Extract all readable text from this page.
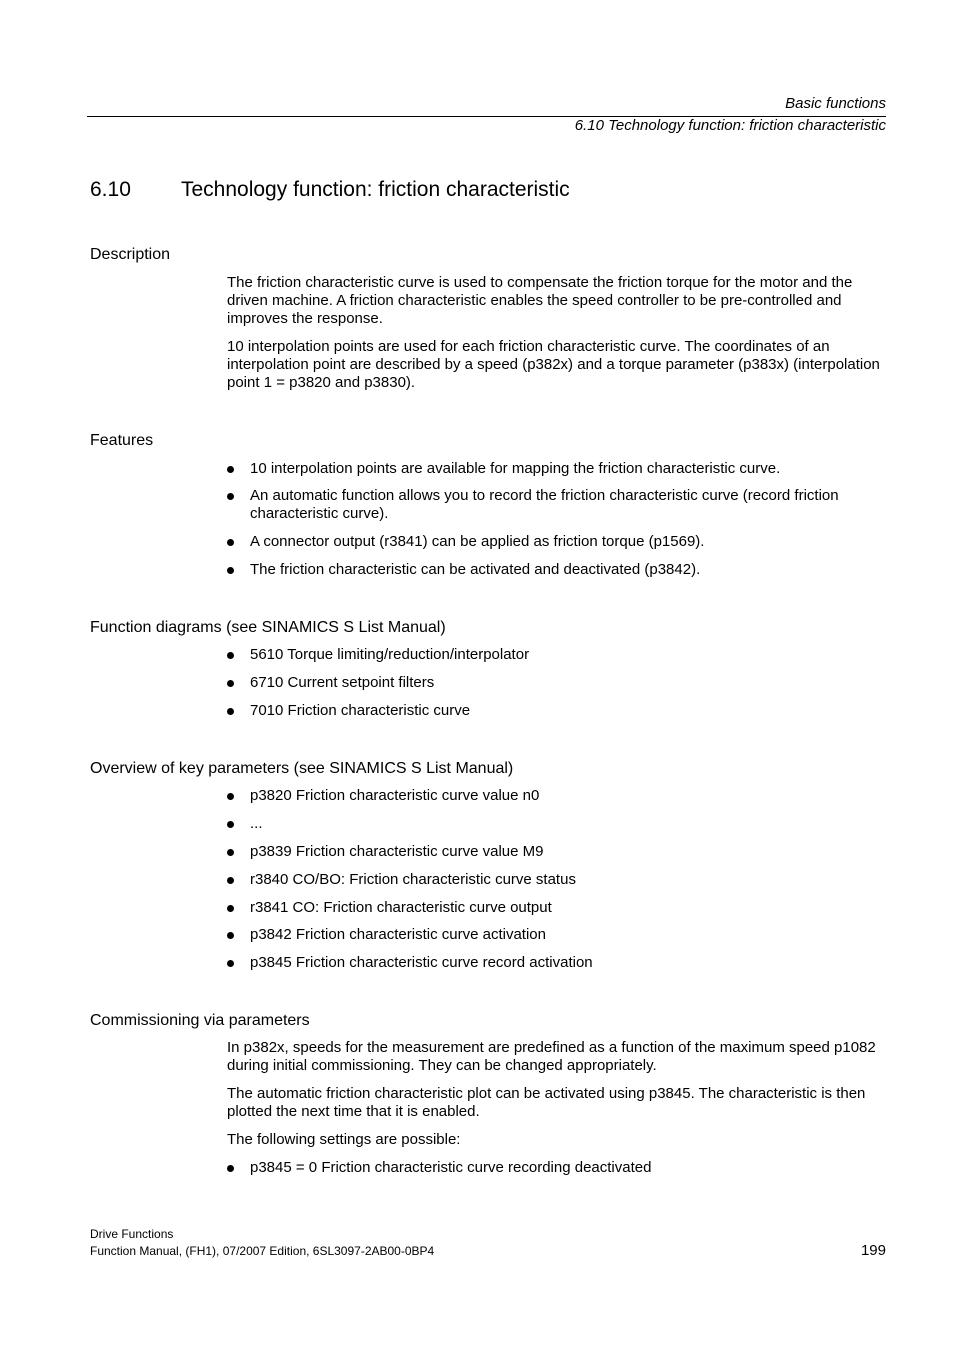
Basic functions
6.10 Technology function: friction characteristic
6.10 Technology function: friction characteristic
Description
The friction characteristic curve is used to compensate the friction torque for the motor and the driven machine. A friction characteristic enables the speed controller to be pre-controlled and improves the response.
10 interpolation points are used for each friction characteristic curve. The coordinates of an interpolation point are described by a speed (p382x) and a torque parameter (p383x) (interpolation point 1 = p3820 and p3830).
Features
10 interpolation points are available for mapping the friction characteristic curve.
An automatic function allows you to record the friction characteristic curve (record friction characteristic curve).
A connector output (r3841) can be applied as friction torque (p1569).
The friction characteristic can be activated and deactivated (p3842).
Function diagrams (see SINAMICS S List Manual)
5610 Torque limiting/reduction/interpolator
6710 Current setpoint filters
7010 Friction characteristic curve
Overview of key parameters (see SINAMICS S List Manual)
p3820 Friction characteristic curve value n0
...
p3839 Friction characteristic curve value M9
r3840 CO/BO: Friction characteristic curve status
r3841 CO: Friction characteristic curve output
p3842 Friction characteristic curve activation
p3845 Friction characteristic curve record activation
Commissioning via parameters
In p382x, speeds for the measurement are predefined as a function of the maximum speed p1082 during initial commissioning. They can be changed appropriately.
The automatic friction characteristic plot can be activated using p3845. The characteristic is then plotted the next time that it is enabled.
The following settings are possible:
p3845 = 0 Friction characteristic curve recording deactivated
Drive Functions
Function Manual, (FH1), 07/2007 Edition, 6SL3097-2AB00-0BP4	199
